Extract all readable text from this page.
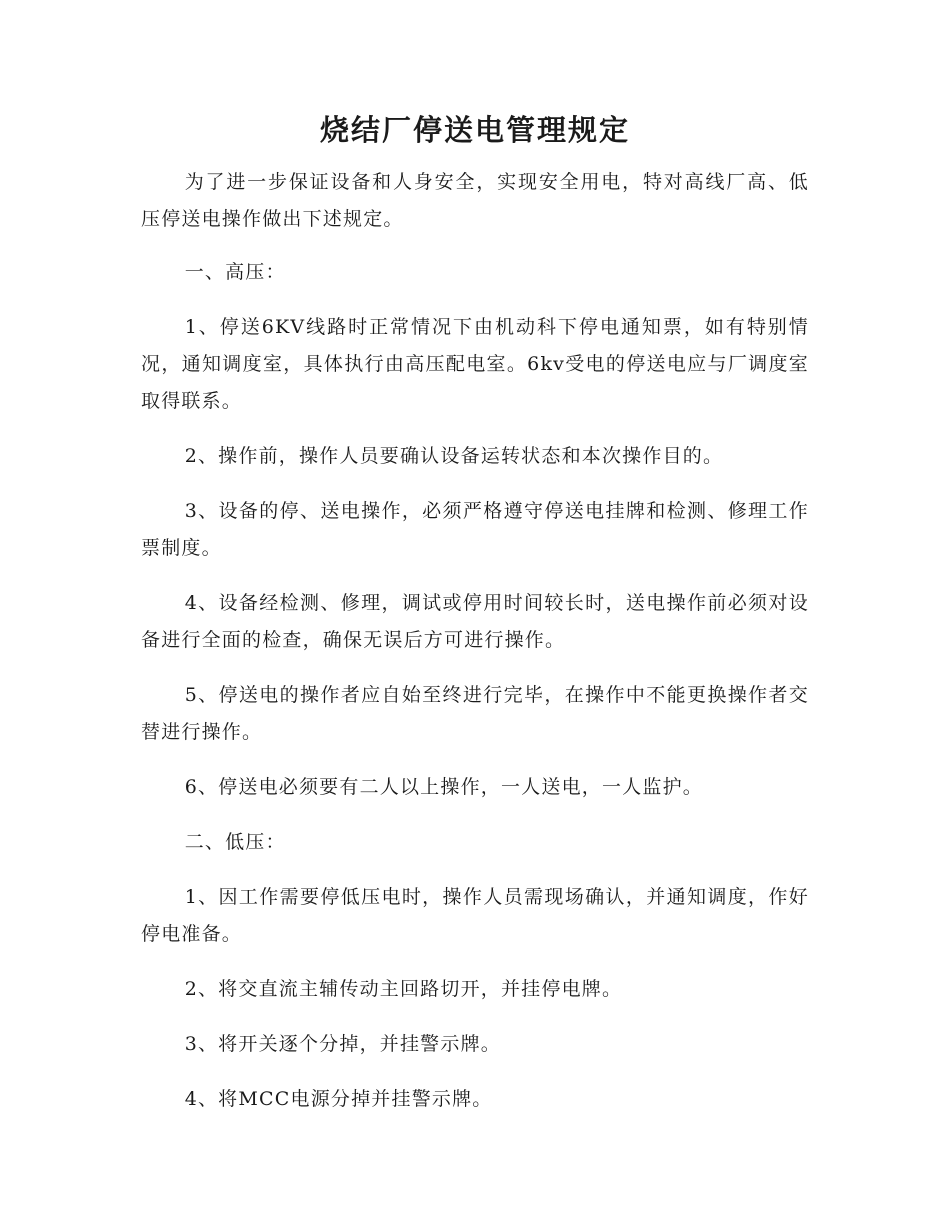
烧结厂停送电管理规定

为了进一步保证设备和人身安全，实现安全用电，特对高线厂高、低压停送电操作做出下述规定。

一、高压：

1、停送6KV线路时正常情况下由机动科下停电通知票，如有特别情况，通知调度室，具体执行由高压配电室。6kv受电的停送电应与厂调度室取得联系。

2、操作前，操作人员要确认设备运转状态和本次操作目的。

3、设备的停、送电操作，必须严格遵守停送电挂牌和检测、修理工作票制度。

4、设备经检测、修理，调试或停用时间较长时，送电操作前必须对设备进行全面的检查，确保无误后方可进行操作。

5、停送电的操作者应自始至终进行完毕，在操作中不能更换操作者交替进行操作。

6、停送电必须要有二人以上操作，一人送电，一人监护。

二、低压：

1、因工作需要停低压电时，操作人员需现场确认，并通知调度，作好停电准备。

2、将交直流主辅传动主回路切开，并挂停电牌。

3、将开关逐个分掉，并挂警示牌。

4、将MCC电源分掉并挂警示牌。
